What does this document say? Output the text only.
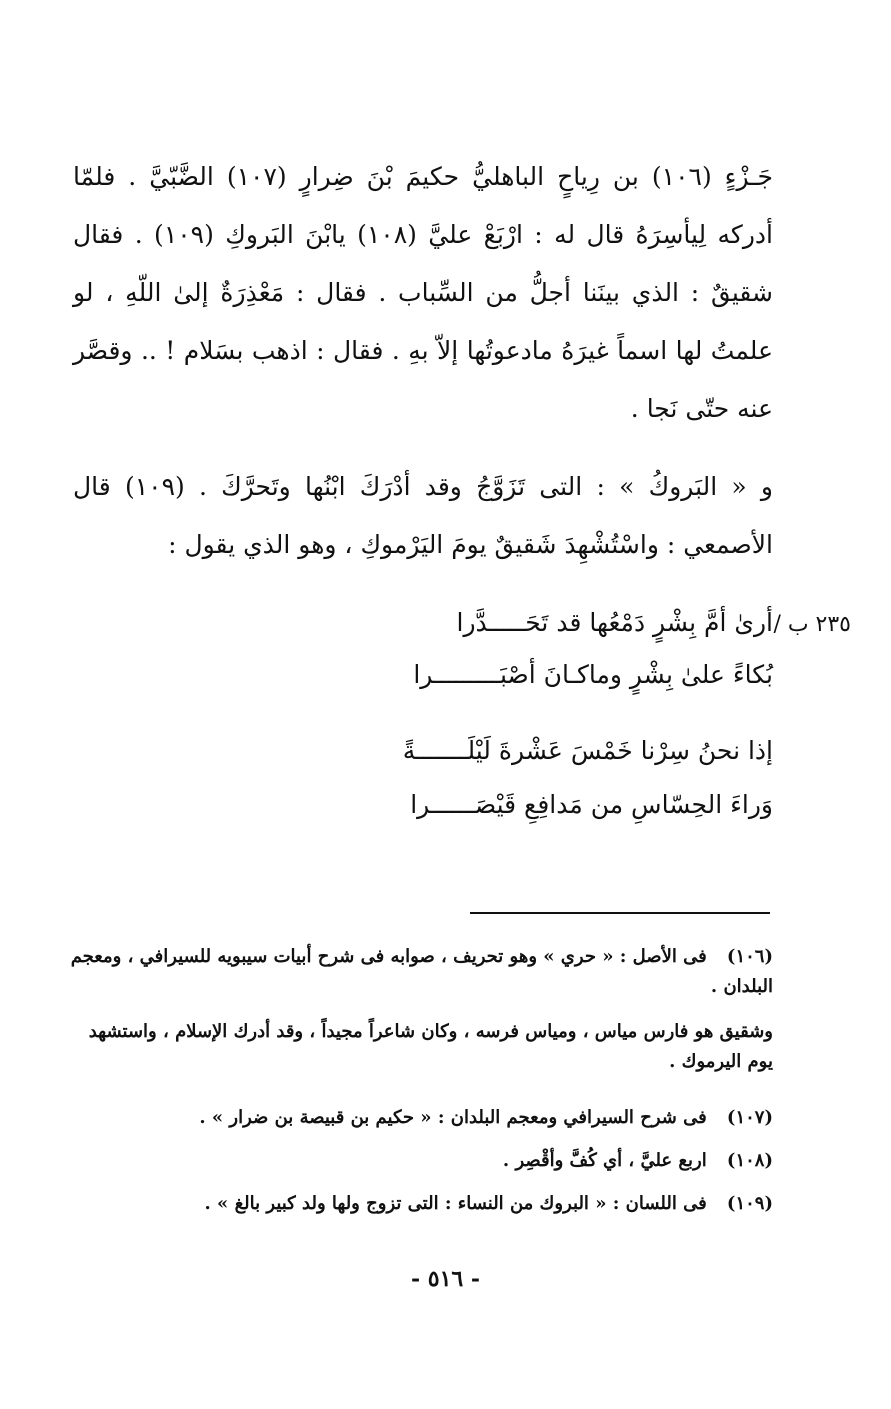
جَـزْءٍ (١٠٦) بن رِياحٍ الباهليُّ حكيمَ بْنَ ضِرارٍ (١٠٧) الضَّبّيَّ . فلمّا أدركه لِيأسِرَهُ قال له : ارْبَعْ عليَّ (١٠٨) يابْنَ البَروكِ (١٠٩) . فقال شقيقٌ : الذي بينَنا أجلُّ من السِّباب . فقال : مَعْذِرَةٌ إلىٰ اللّهِ ، لو علمتُ لها اسماً غيرَهُ مادعوتُها إلاّ بهِ . فقال : اذهب بسَلام ! .. وقصَّر عنه حتّى نَجا .
و « البَروكُ » : التى تَزَوَّجُ وقد أدْرَكَ ابْنُها وتَحرَّكَ . (١٠٩) قال الأصمعي : واسْتُشْهِدَ شَقيقٌ يومَ اليَرْموكِ ، وهو الذي يقول :
٢٣٥ ب /
أرىٰ أمَّ بِشْرٍ دَمْعُها قد تَحَـــــدَّرا
بُكاءً علىٰ بِشْرٍ وماكـانَ أصْبَـــــــــرا
إذا نحنُ سِرْنا خَمْسَ عَشْرةَ لَيْلَـــــــةً
وَراءَ الحِسّاسِ من مَدافِعِ قَيْصَــــــرا
(١٠٦) فى الأصل : « حري » وهو تحريف ، صوابه فى شرح أبيات سيبويه للسيرافي ، ومعجم البلدان .
وشقيق هو فارس مياس ، ومياس فرسه ، وكان شاعراً مجيداً ، وقد أدرك الإسلام ، واستشهد يوم اليرموك .
(١٠٧) فى شرح السيرافي ومعجم البلدان : « حكيم بن قبيصة بن ضرار » .
(١٠٨) اربع عليَّ ، أي كُفَّ وأقْصِر .
(١٠٩) فى اللسان : « البروك من النساء : التى تزوج ولها ولد كبير بالغ » .
- ٥١٦ -
